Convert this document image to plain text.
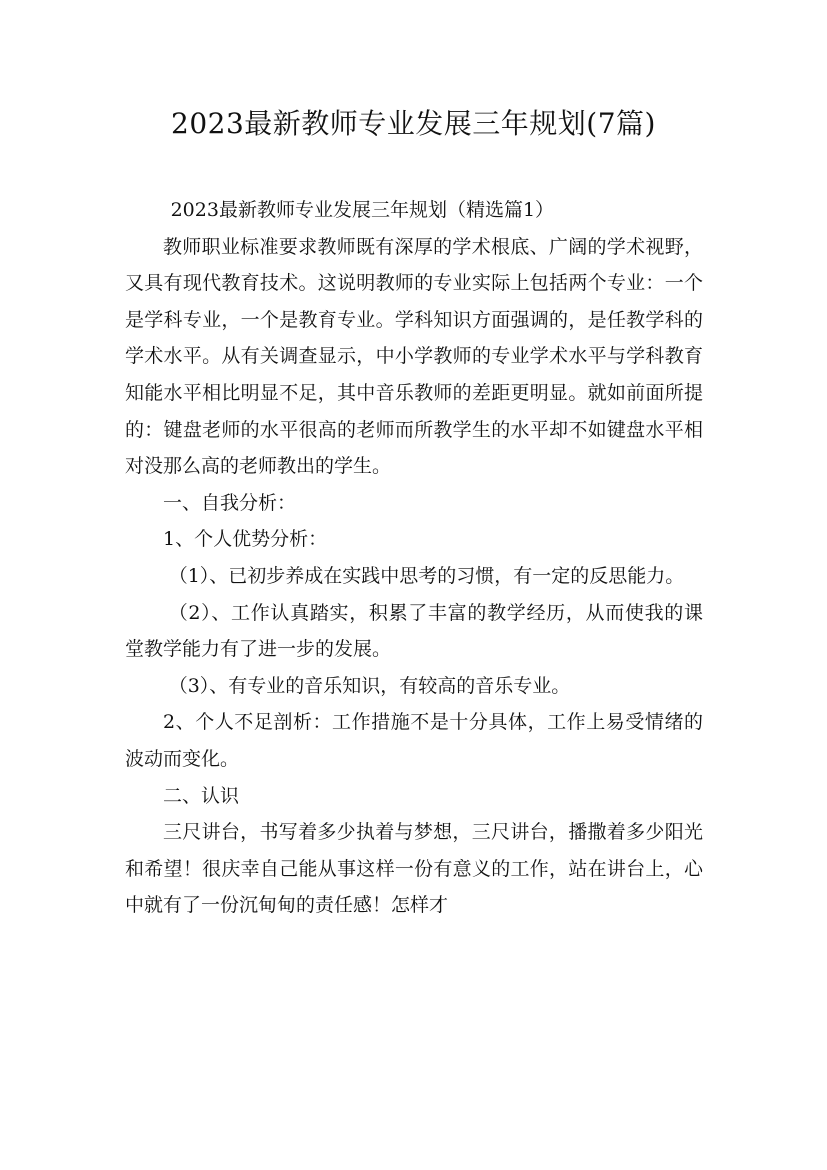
2023最新教师专业发展三年规划(7篇)

2023最新教师专业发展三年规划（精选篇1）

教师职业标准要求教师既有深厚的学术根底、广阔的学术视野，又具有现代教育技术。这说明教师的专业实际上包括两个专业：一个是学科专业，一个是教育专业。学科知识方面强调的，是任教学科的学术水平。从有关调查显示，中小学教师的专业学术水平与学科教育知能水平相比明显不足，其中音乐教师的差距更明显。就如前面所提的：键盘老师的水平很高的老师而所教学生的水平却不如键盘水平相对没那么高的老师教出的学生。

一、自我分析：

1、个人优势分析：

（1）、已初步养成在实践中思考的习惯，有一定的反思能力。

（2）、工作认真踏实，积累了丰富的教学经历，从而使我的课堂教学能力有了进一步的发展。

（3）、有专业的音乐知识，有较高的音乐专业。

2、个人不足剖析：工作措施不是十分具体，工作上易受情绪的波动而变化。

二、认识

三尺讲台，书写着多少执着与梦想，三尺讲台，播撒着多少阳光和希望！很庆幸自己能从事这样一份有意义的工作，站在讲台上，心中就有了一份沉甸甸的责任感！怎样才
